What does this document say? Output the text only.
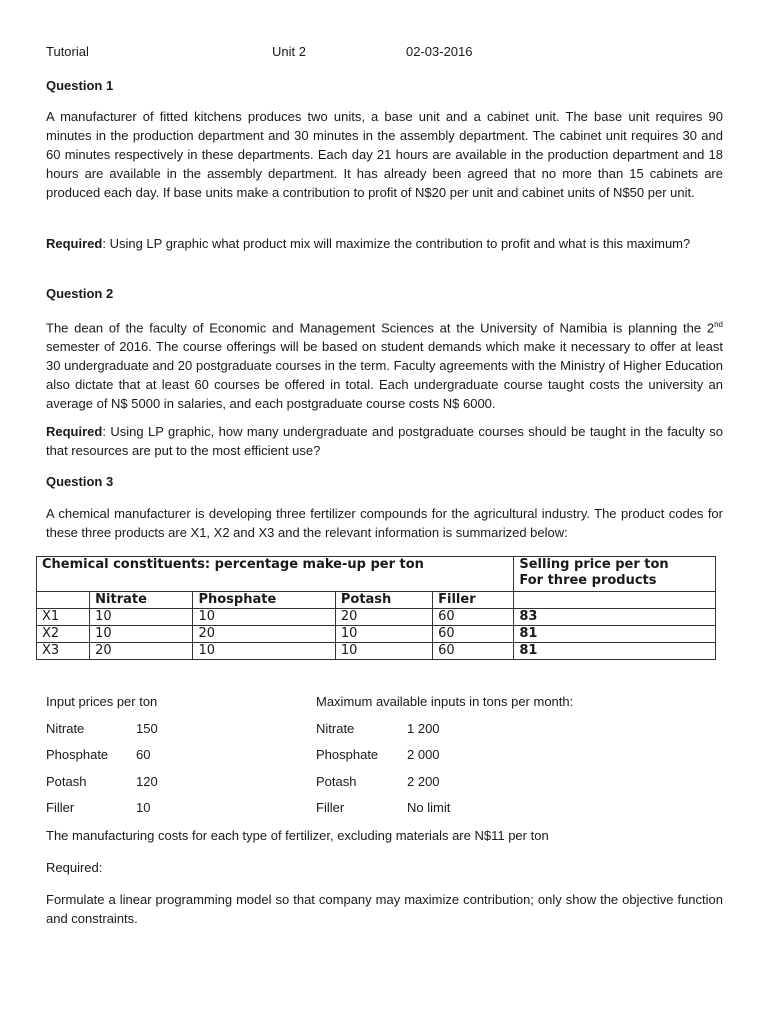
Tutorial	Unit 2	02-03-2016
Question 1

A manufacturer of fitted kitchens produces two units, a base unit and a cabinet unit. The base unit requires 90 minutes in the production department and 30 minutes in the assembly department. The cabinet unit requires 30 and 60 minutes respectively in these departments. Each day 21 hours are available in the production department and 18 hours are available in the assembly department. It has already been agreed that no more than 15 cabinets are produced each day. If base units make a contribution to profit of N$20 per unit and cabinet units of N$50 per unit.

Required: Using LP graphic what product mix will maximize the contribution to profit and what is this maximum?

Question 2

The dean of the faculty of Economic and Management Sciences at the University of Namibia is planning the 2nd semester of 2016. The course offerings will be based on student demands which make it necessary to offer at least 30 undergraduate and 20 postgraduate courses in the term. Faculty agreements with the Ministry of Higher Education also dictate that at least 60 courses be offered in total. Each undergraduate course taught costs the university an average of N$ 5000 in salaries, and each postgraduate course costs N$ 6000.

Required: Using LP graphic, how many undergraduate and postgraduate courses should be taught in the faculty so that resources are put to the most efficient use?

Question 3

A chemical manufacturer is developing three fertilizer compounds for the agricultural industry. The product codes for these three products are X1, X2 and X3 and the relevant information is summarized below:

Chemical constituents: percentage make-up per ton					Selling price per ton
For three products
	Nitrate	Phosphate	Potash	Filler	
X1	10	10	20	60	83
X2	10	20	10	60	81
X3	20	10	10	60	81
Input prices per ton	Maximum available inputs in tons per month:
Nitrate	150	Nitrate	1 200
Phosphate 60	Phosphate 2 000
Potash	120	Potash	2 200
Filler	10	Filler	No limit

The manufacturing costs for each type of fertilizer, excluding materials are N$11 per ton

Required:

Formulate a linear programming model so that company may maximize contribution; only show the objective function and constraints.
